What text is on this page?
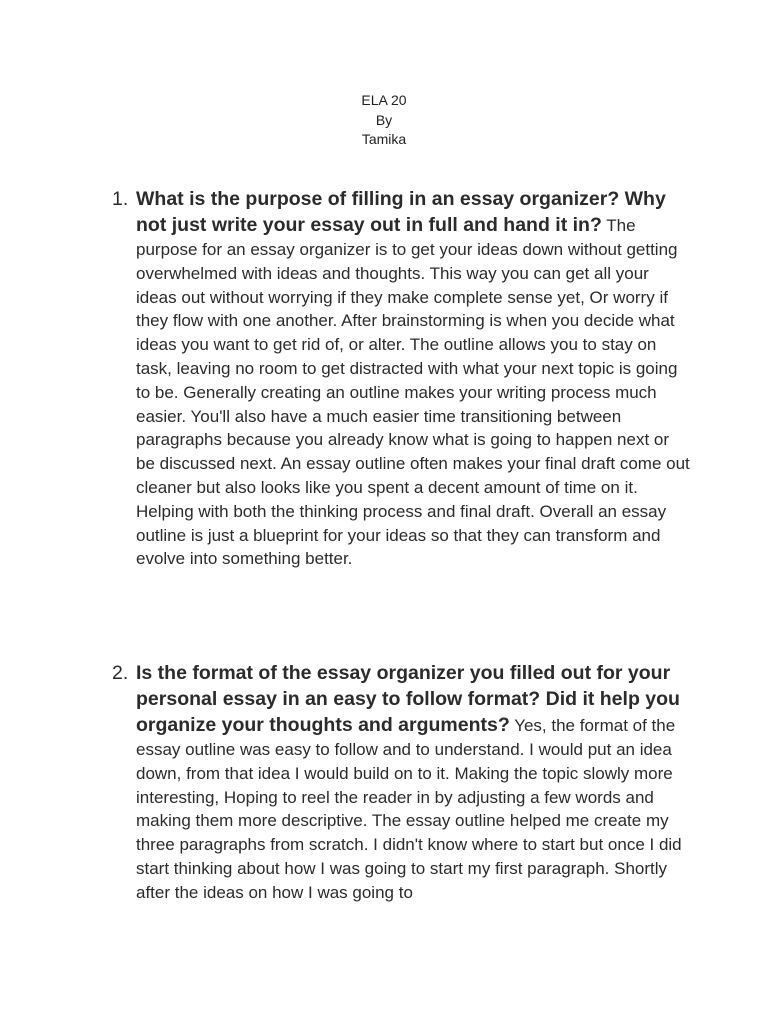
ELA 20
By
Tamika
1. What is the purpose of filling in an essay organizer? Why not just write your essay out in full and hand it in? The purpose for an essay organizer is to get your ideas down without getting overwhelmed with ideas and thoughts. This way you can get all your ideas out without worrying if they make complete sense yet, Or worry if they flow with one another. After brainstorming is when you decide what ideas you want to get rid of, or alter. The outline allows you to stay on task, leaving no room to get distracted with what your next topic is going to be. Generally creating an outline makes your writing process much easier. You'll also have a much easier time transitioning between paragraphs because you already know what is going to happen next or be discussed next. An essay outline often makes your final draft come out cleaner but also looks like you spent a decent amount of time on it. Helping with both the thinking process and final draft. Overall an essay outline is just a blueprint for your ideas so that they can transform and evolve into something better.
2. Is the format of the essay organizer you filled out for your personal essay in an easy to follow format? Did it help you organize your thoughts and arguments? Yes, the format of the essay outline was easy to follow and to understand. I would put an idea down, from that idea I would build on to it. Making the topic slowly more interesting, Hoping to reel the reader in by adjusting a few words and making them more descriptive. The essay outline helped me create my three paragraphs from scratch. I didn't know where to start but once I did start thinking about how I was going to start my first paragraph. Shortly after the ideas on how I was going to
